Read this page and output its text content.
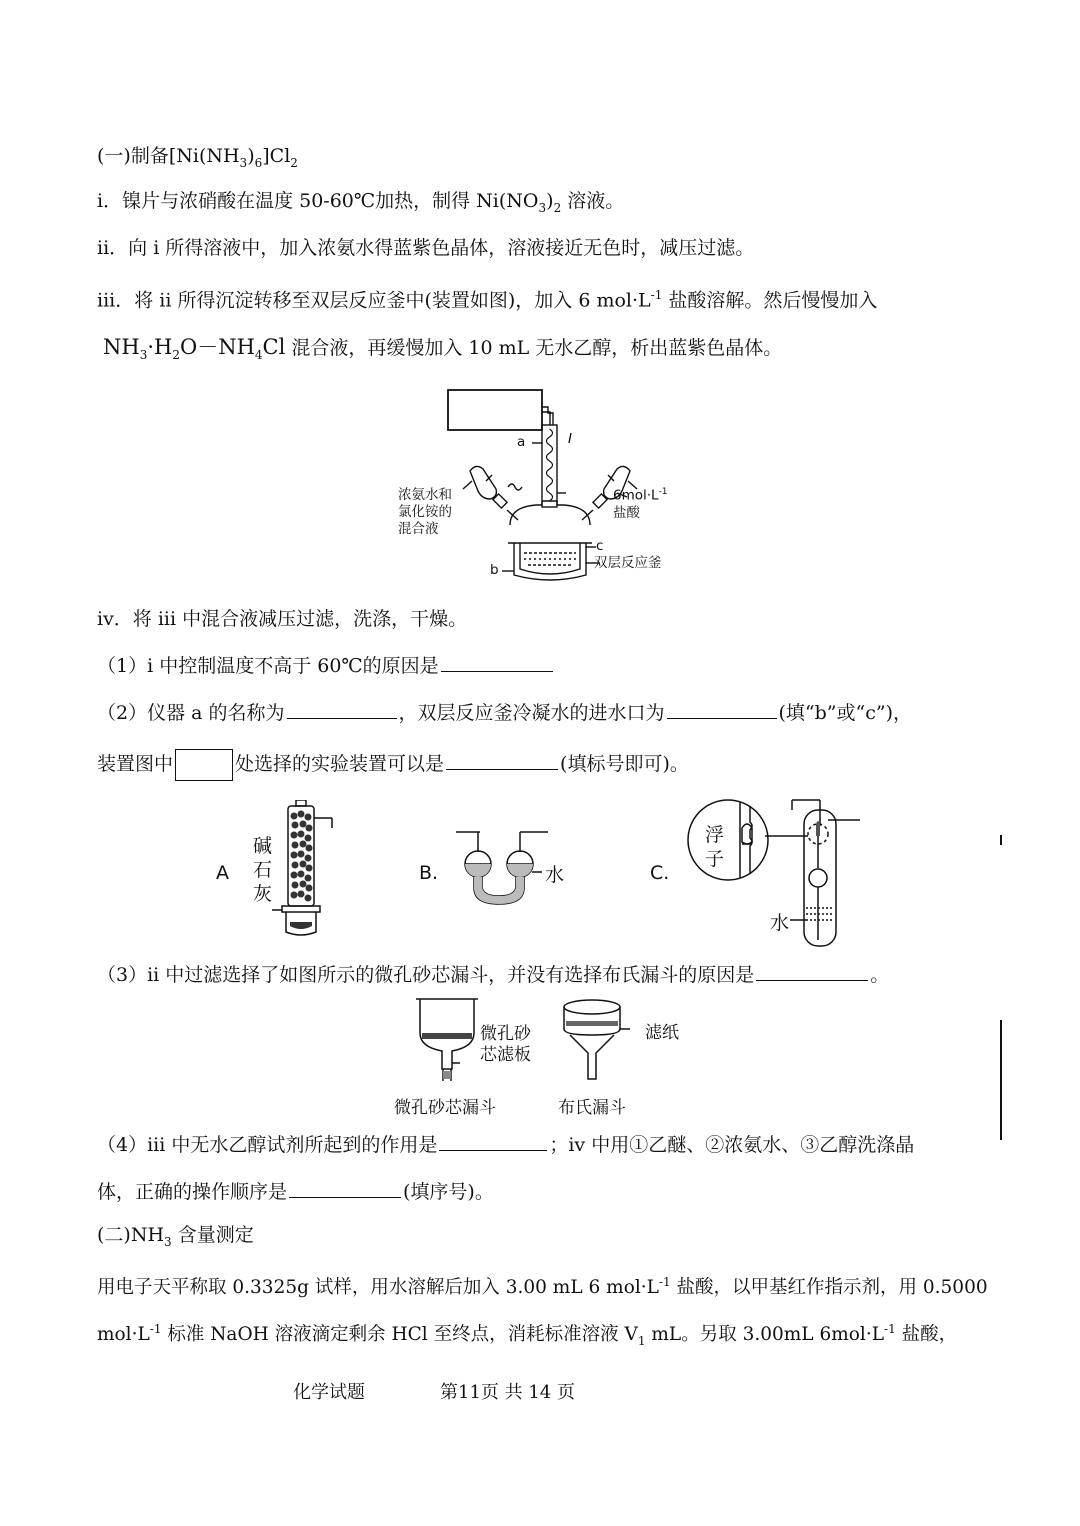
(一)制备$[Ni(NH_3)_6]Cl_2$
i．镍片与浓硝酸在温度 50-60℃加热，制得 $Ni(NO_3)_2$ 溶液。
ii．向 i 所得溶液中，加入浓氨水得蓝紫色晶体，溶液接近无色时，减压过滤。
iii．将 ii 所得沉淀转移至双层反应釜中(装置如图)，加入 6 $mol\cdot L^{-1}$ 盐酸溶解。然后慢慢加入
$NH_3\cdot H_2O-NH_4Cl$ 混合液，再缓慢加入 10 mL 无水乙醇，析出蓝紫色晶体。
a
浓氨水和
氯化铵的
混合液
$6mol\cdot L^{-1}$
盐酸
c
b	双层反应釜
iv．将 iii 中混合液减压过滤，洗涤，干燥。
（1）i 中控制温度不高于 60℃的原因是
（2）仪器 a 的名称为	，双层反应釜冷凝水的进水口为	(填“b”或“c”)，
装置图中	处选择的实验装置可以是	(填标号即可)。
A
碱
石
灰
B.	水	C.
浮
子
水
（3）ii 中过滤选择了如图所示的微孔砂芯漏斗，并没有选择布氏漏斗的原因是	。
微孔砂
芯滤板
微孔砂芯漏斗
滤纸
布氏漏斗
（4）iii 中无水乙醇试剂所起到的作用是	；iv 中用①乙醚、②浓氨水、③乙醇洗涤晶
体，正确的操作顺序是	(填序号)。
(二)$NH_3$ 含量测定
用电子天平称取 0.3325g 试样，用水溶解后加入 3.00 mL 6 $mol\cdot L^{-1}$ 盐酸，以甲基红作指示剂，用 0.5000
$mol\cdot L^{-1}$ 标准 NaOH 溶液滴定剩余 HCl 至终点，消耗标准溶液 $V_1$ mL。另取 3.00mL $6mol\cdot L^{-1}$ 盐酸，
化学试题	第11页 共 14 页
